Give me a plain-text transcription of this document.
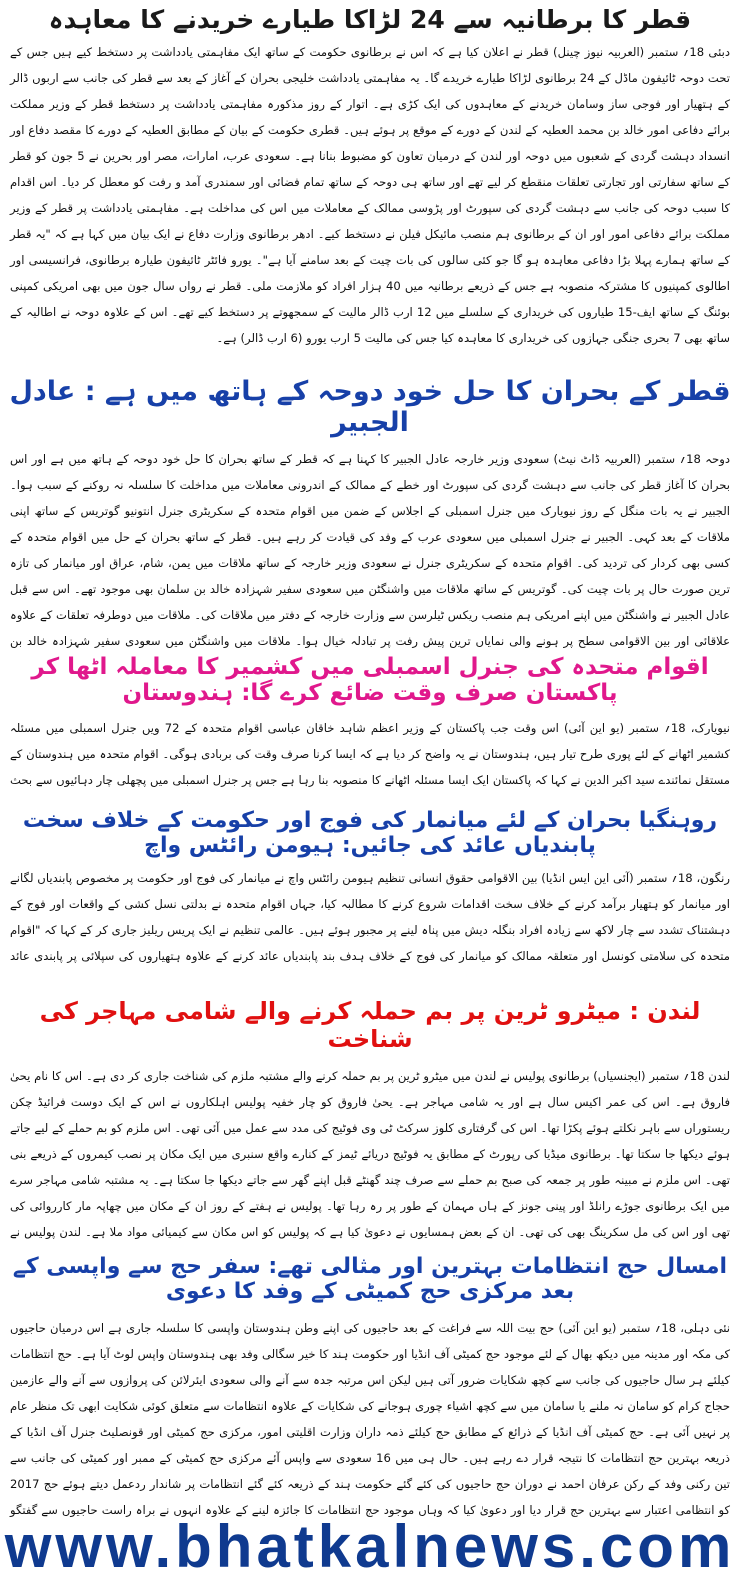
قطر کا برطانیہ سے 24 لڑاکا طیارے خریدنے کا معاہدہ

دبئی 18؍ ستمبر (العربیہ نیوز چینل) قطر نے اعلان کیا ہے کہ اس نے برطانوی حکومت کے ساتھ ایک مفاہمتی یادداشت پر دستخط کیے ہیں جس کے تحت دوحہ ٹائیفون ماڈل کے 24 برطانوی لڑاکا طیارے خریدے گا۔ یہ مفاہمتی یادداشت خلیجی بحران کے آغاز کے بعد سے قطر کی جانب سے اربوں ڈالر کے ہتھیار اور فوجی ساز وسامان خریدنے کے معاہدوں کی ایک کڑی ہے۔ اتوار کے روز مذکورہ مفاہمتی یادداشت پر دستخط قطر کے وزیر مملکت برائے دفاعی امور خالد بن محمد العطیہ کے لندن کے دورے کے موقع پر ہوئے ہیں۔ قطری حکومت کے بیان کے مطابق العطیہ کے دورے کا مقصد دفاع اور انسداد دہشت گردی کے شعبوں میں دوحہ اور لندن کے درمیان تعاون کو مضبوط بنانا ہے۔ سعودی عرب، امارات، مصر اور بحرین نے 5 جون کو قطر کے ساتھ سفارتی اور تجارتی تعلقات منقطع کر لیے تھے اور ساتھ ہی دوحہ کے ساتھ تمام فضائی اور سمندری آمد و رفت کو معطل کر دیا۔ اس اقدام کا سبب دوحہ کی جانب سے دہشت گردی کی سپورٹ اور پڑوسی ممالک کے معاملات میں اس کی مداخلت ہے۔ مفاہمتی یادداشت پر قطر کے وزیر مملکت برائے دفاعی امور اور ان کے برطانوی ہم منصب مائیکل فیلن نے دستخط کیے۔ ادھر برطانوی وزارت دفاع نے ایک بیان میں کہا ہے کہ "یہ قطر کے ساتھ ہمارے پہلا بڑا دفاعی معاہدہ ہو گا جو کئی سالوں کی بات چیت کے بعد سامنے آیا ہے"۔ یورو فائٹر ٹائیفون طیارہ برطانوی، فرانسیسی اور اطالوی کمپنیوں کا مشترکہ منصوبہ ہے جس کے ذریعے برطانیہ میں 40 ہزار افراد کو ملازمت ملی۔ قطر نے رواں سال جون میں بھی امریکی کمپنی بوئنگ کے ساتھ ایف-15 طیاروں کی خریداری کے سلسلے میں 12 ارب ڈالر مالیت کے سمجھوتے پر دستخط کیے تھے۔ اس کے علاوہ دوحہ نے اطالیہ کے ساتھ بھی 7 بحری جنگی جہازوں کی خریداری کا معاہدہ کیا جس کی مالیت 5 ارب یورو (6 ارب ڈالر) ہے۔

قطر کے بحران کا حل خود دوحہ کے ہاتھ میں ہے : عادل الجبیر

دوحہ 18؍ ستمبر (العربیہ ڈاٹ نیٹ) سعودی وزیر خارجہ عادل الجبیر کا کہنا ہے کہ قطر کے ساتھ بحران کا حل خود دوحہ کے ہاتھ میں ہے اور اس بحران کا آغاز قطر کی جانب سے دہشت گردی کی سپورٹ اور خطے کے ممالک کے اندرونی معاملات میں مداخلت کا سلسلہ نہ روکنے کے سبب ہوا۔ الجبیر نے یہ بات منگل کے روز نیویارک میں جنرل اسمبلی کے اجلاس کے ضمن میں اقوام متحدہ کے سکریٹری جنرل انتونیو گوتریس کے ساتھ اپنی ملاقات کے بعد کہی۔ الجبیر نے جنرل اسمبلی میں سعودی عرب کے وفد کی قیادت کر رہے ہیں۔ قطر کے ساتھ بحران کے حل میں اقوام متحدہ کے کسی بھی کردار کی تردید کی۔ اقوام متحدہ کے سکریٹری جنرل نے سعودی وزیر خارجہ کے ساتھ ملاقات میں یمن، شام، عراق اور میانمار کی تازہ ترین صورت حال پر بات چیت کی۔ گوتریس کے ساتھ ملاقات میں واشنگٹن میں سعودی سفیر شہزادہ خالد بن سلمان بھی موجود تھے۔ اس سے قبل عادل الجبیر نے واشنگٹن میں اپنے امریکی ہم منصب ریکس ٹیلرسن سے وزارت خارجہ کے دفتر میں ملاقات کی۔ ملاقات میں دوطرفہ تعلقات کے علاوہ علاقائی اور بین الاقوامی سطح پر ہونے والی نمایاں ترین پیش رفت پر تبادلہ خیال ہوا۔ ملاقات میں واشنگٹن میں سعودی سفیر شہزادہ خالد بن

اقوام متحدہ کی جنرل اسمبلی میں کشمیر کا معاملہ اٹھا کر پاکستان صرف وقت ضائع کرے گا: ہندوستان

نیویارک، 18؍ ستمبر (یو این آئی) اس وقت جب پاکستان کے وزیر اعظم شاہد خاقان عباسی اقوام متحدہ کے 72 ویں جنرل اسمبلی میں مسئلہ کشمیر اٹھانے کے لئے پوری طرح تیار ہیں، ہندوستان نے یہ واضح کر دیا ہے کہ ایسا کرنا صرف وقت کی بربادی ہوگی۔ اقوام متحدہ میں ہندوستان کے مستقل نمائندے سید اکبر الدین نے کہا کہ پاکستان ایک ایسا مسئلہ اٹھانے کا منصوبہ بنا رہا ہے جس پر جنرل اسمبلی میں پچھلی چار دہائیوں سے بحث

روہنگیا بحران کے لئے میانمار کی فوج اور حکومت کے خلاف سخت پابندیاں عائد کی جائیں: ہیومن رائٹس واچ

رنگون، 18؍ ستمبر (آئی این ایس انڈیا) بین الاقوامی حقوق انسانی تنظیم ہیومن رائٹس واچ نے میانمار کی فوج اور حکومت پر مخصوص پابندیاں لگانے اور میانمار کو ہتھیار برآمد کرنے کے خلاف سخت اقدامات شروع کرنے کا مطالبہ کیا، جہاں اقوام متحدہ نے بدلتی نسل کشی کے واقعات اور فوج کے دہشتناک تشدد سے چار لاکھ سے زیادہ افراد بنگلہ دیش میں پناہ لینے پر مجبور ہوئے ہیں۔ عالمی تنظیم نے ایک پریس ریلیز جاری کر کے کہا کہ "اقوام متحدہ کی سلامتی کونسل اور متعلقہ ممالک کو میانمار کی فوج کے خلاف ہدف بند پابندیاں عائد کرنے کے علاوہ ہتھیاروں کی سپلائی پر پابندی عائد

لندن : میٹرو ٹرین پر بم حملہ کرنے والے شامی مہاجر کی شناخت

لندن 18؍ ستمبر (ایجنسیاں) برطانوی پولیس نے لندن میں میٹرو ٹرین پر بم حملہ کرنے والے مشتبہ ملزم کی شناخت جاری کر دی ہے۔ اس کا نام یحیٰ فاروق ہے۔ اس کی عمر اکیس سال ہے اور یہ شامی مہاجر ہے۔ یحیٰ فاروق کو چار خفیہ پولیس اہلکاروں نے اس کے ایک دوست فرائیڈ چکن ریستوراں سے باہر نکلتے ہوئے پکڑا تھا۔ اس کی گرفتاری کلوز سرکٹ ٹی وی فوٹیج کی مدد سے عمل میں آئی تھی۔ اس ملزم کو بم حملے کے لیے جاتے ہوئے دیکھا جا سکتا تھا۔ برطانوی میڈیا کی رپورٹ کے مطابق یہ فوٹیج دریائے ٹیمز کے کنارے واقع سنبری میں ایک مکان پر نصب کیمروں کے ذریعے بنی تھی۔ اس ملزم نے مبینہ طور پر جمعہ کی صبح بم حملے سے صرف چند گھنٹے قبل اپنے گھر سے جاتے دیکھا جا سکتا ہے۔ یہ مشتبہ شامی مہاجر سرے میں ایک برطانوی جوڑے رانلڈ اور پینی جونز کے ہاں مہمان کے طور پر رہ رہا تھا۔ پولیس نے ہفتے کے روز ان کے مکان میں چھاپہ مار کارروائی کی تھی اور اس کی مل سکرینگ بھی کی تھی۔ ان کے بعض ہمسایوں نے دعویٰ کیا ہے کہ پولیس کو اس مکان سے کیمیائی مواد ملا ہے۔ لندن پولیس نے

امسال حج انتظامات بہترین اور مثالی تھے: سفر حج سے واپسی کے بعد مرکزی حج کمیٹی کے وفد کا دعوی

نئی دہلی، 18؍ ستمبر (یو این آئی) حج بیت اللہ سے فراغت کے بعد حاجیوں کی اپنے وطن ہندوستان واپسی کا سلسلہ جاری ہے اس درمیان حاجیوں کی مکہ اور مدینہ میں دیکھ بھال کے لئے موجود حج کمیٹی آف انڈیا اور حکومت ہند کا خیر سگالی وفد بھی ہندوستان واپس لوٹ آیا ہے۔ حج انتظامات کیلئے ہر سال حاجیوں کی جانب سے کچھ شکایات ضرور آتی ہیں لیکن اس مرتبہ جدہ سے آنے والی سعودی ایئرلائن کی پروازوں سے آنے والے عازمین حجاج کرام کو سامان نہ ملنے یا سامان میں سے کچھ اشیاء چوری ہوجانے کی شکایات کے علاوہ انتظامات سے متعلق کوئی شکایت ابھی تک منظر عام پر نہیں آئی ہے۔ حج کمیٹی آف انڈیا کے ذرائع کے مطابق حج کیلئے ذمہ داران وزارت اقلیتی امور، مرکزی حج کمیٹی اور قونصلیٹ جنرل آف انڈیا کے ذریعہ بہترین حج انتظامات کا نتیجہ قرار دے رہے ہیں۔ حال ہی میں 16 سعودی سے واپس آئے مرکزی حج کمیٹی کے ممبر اور کمیٹی کی جانب سے تین رکنی وفد کے رکن عرفان احمد نے دوران حج حاجیوں کی کئے گئے حکومت ہند کے ذریعہ کئے گئے انتظامات پر شاندار ردعمل دیتے ہوئے حج 2017 کو انتظامی اعتبار سے بہترین حج قرار دیا اور دعویٰ کیا کہ وہاں موجود حج انتظامات کا جائزہ لینے کے علاوہ انہوں نے براہ راست حاجیوں سے گفتگو

www.bhatkalnews.com
